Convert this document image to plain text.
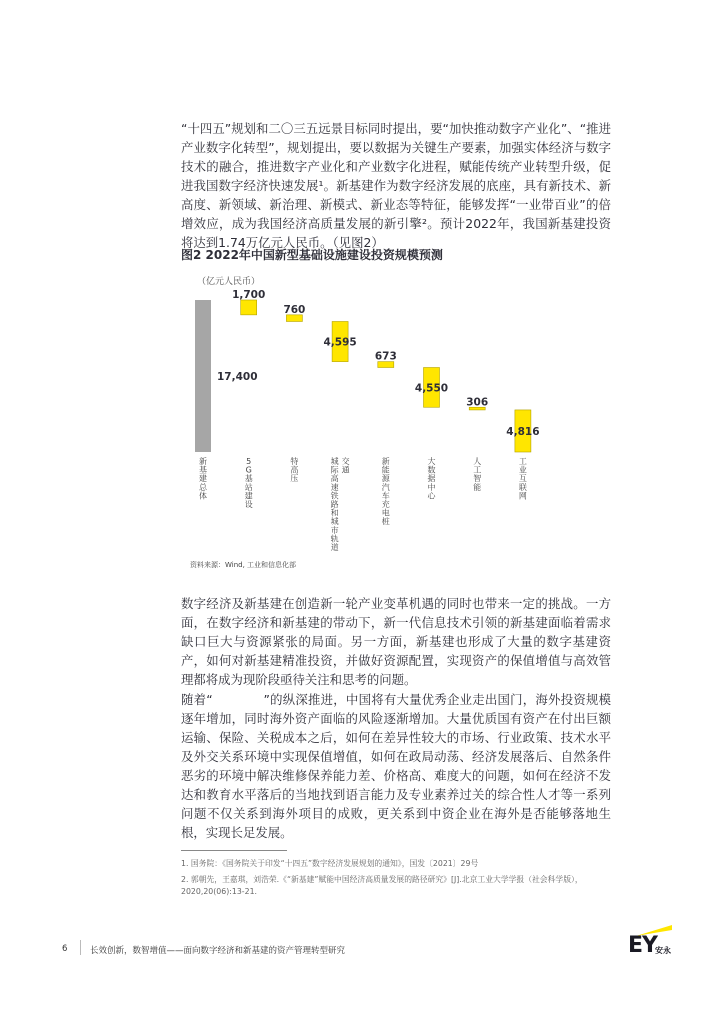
“十四五”规划和二〇三五远景目标同时提出，要“加快推动数字产业化”、“推进产业数字化转型”，规划提出，要以数据为关键生产要素，加强实体经济与数字技术的融合，推进数字产业化和产业数字化进程，赋能传统产业转型升级，促进我国数字经济快速发展¹。新基建作为数字经济发展的底座，具有新技术、新高度、新领域、新治理、新模式、新业态等特征，能够发挥“一业带百业”的倍增效应，成为我国经济高质量发展的新引擎²。预计2022年，我国新基建投资将达到1.74万亿元人民币。（见图2）

图2 2022年中国新型基础设施建设投资规模预测
（亿元人民币）
17,400
1,700
760
4,595
673
4,550
306
4,816
新
基
建
总
体
5
G
基
站
建
设
特
高
压
城
际
高
速
铁
路
和
城
市
轨
道
交
通
新
能
源
汽
车
充
电
桩
大
数
据
中
心
人
工
智
能
工
业
互
联
网
资料来源：Wind, 工业和信息化部

数字经济及新基建在创造新一轮产业变革机遇的同时也带来一定的挑战。一方面，在数字经济和新基建的带动下，新一代信息技术引领的新基建面临着需求缺口巨大与资源紧张的局面。另一方面，新基建也形成了大量的数字基建资产，如何对新基建精准投资，并做好资源配置，实现资产的保值增值与高效管理都将成为现阶段亟待关注和思考的问题。

随着“　　　　”的纵深推进，中国将有大量优秀企业走出国门，海外投资规模逐年增加，同时海外资产面临的风险逐渐增加。大量优质国有资产在付出巨额运输、保险、关税成本之后，如何在差异性较大的市场、行业政策、技术水平及外交关系环境中实现保值增值，如何在政局动荡、经济发展落后、自然条件恶劣的环境中解决维修保养能力差、价格高、难度大的问题，如何在经济不发达和教育水平落后的当地找到语言能力及专业素养过关的综合性人才等一系列问题不仅关系到海外项目的成败，更关系到中资企业在海外是否能够落地生根，实现长足发展。

1. 国务院：《国务院关于印发“十四五”数字经济发展规划的通知》，国发〔2021〕29号
2. 郭朝先，王嘉琪，刘浩荣.《“新基建”赋能中国经济高质量发展的路径研究》[J].北京工业大学学报（社会科学版），2020,20(06):13-21.
6	长效创新，数智增值——面向数字经济和新基建的资产管理转型研究	EY
安永
